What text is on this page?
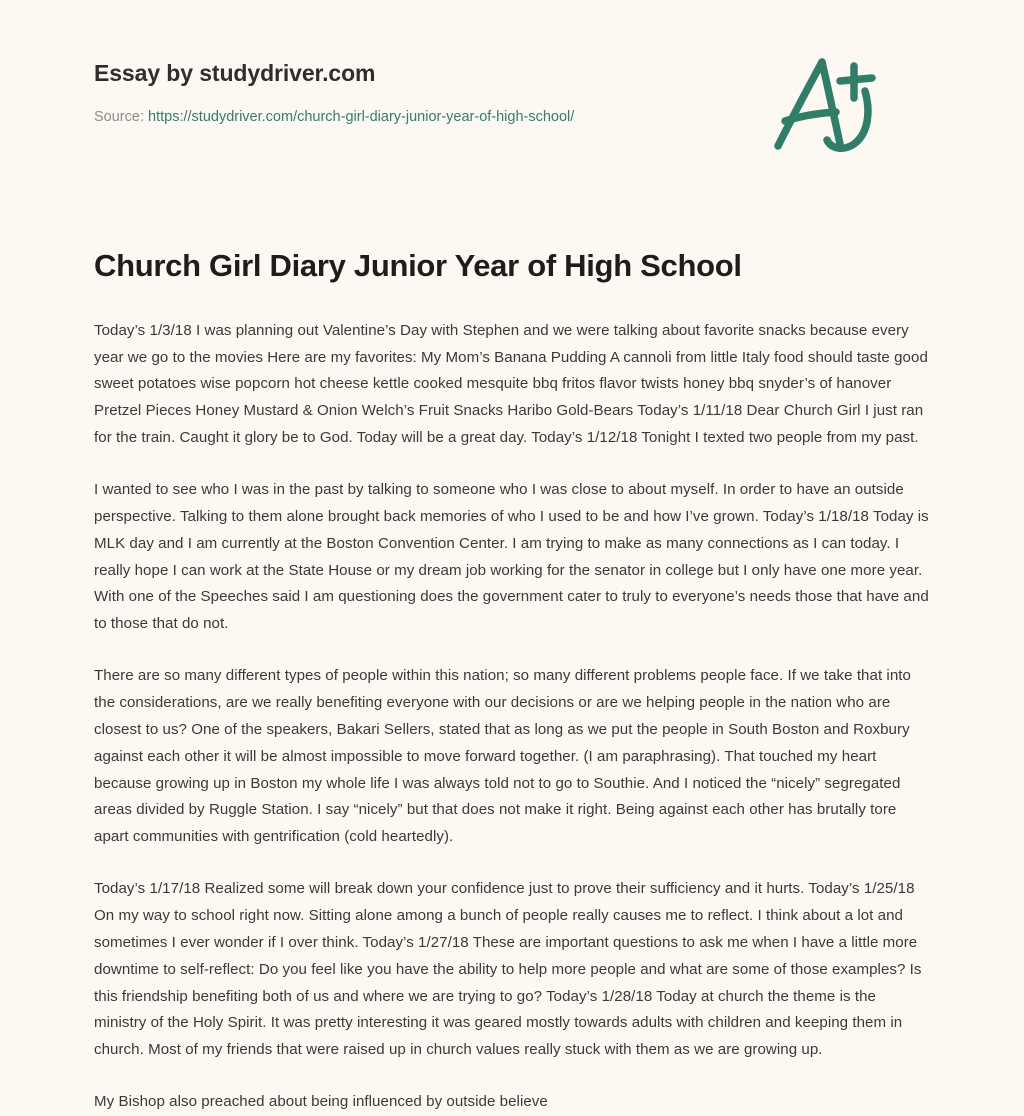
Essay by studydriver.com

Source: https://studydriver.com/church-girl-diary-junior-year-of-high-school/

Church Girl Diary Junior Year of High School

Today’s 1/3/18 I was planning out Valentine’s Day with Stephen and we were talking about favorite snacks because every year we go to the movies Here are my favorites: My Mom’s Banana Pudding A cannoli from little Italy food should taste good sweet potatoes wise popcorn hot cheese kettle cooked mesquite bbq fritos flavor twists honey bbq snyder’s of hanover Pretzel Pieces Honey Mustard & Onion Welch’s Fruit Snacks Haribo Gold-Bears Today’s 1/11/18 Dear Church Girl I just ran for the train. Caught it glory be to God. Today will be a great day. Today’s 1/12/18 Tonight I texted two people from my past.

I wanted to see who I was in the past by talking to someone who I was close to about myself. In order to have an outside perspective. Talking to them alone brought back memories of who I used to be and how I’ve grown. Today’s 1/18/18 Today is MLK day and I am currently at the Boston Convention Center. I am trying to make as many connections as I can today. I really hope I can work at the State House or my dream job working for the senator in college but I only have one more year. With one of the Speeches said I am questioning does the government cater to truly to everyone’s needs those that have and to those that do not.

There are so many different types of people within this nation; so many different problems people face. If we take that into the considerations, are we really benefiting everyone with our decisions or are we helping people in the nation who are closest to us? One of the speakers, Bakari Sellers, stated that as long as we put the people in South Boston and Roxbury against each other it will be almost impossible to move forward together. (I am paraphrasing). That touched my heart because growing up in Boston my whole life I was always told not to go to Southie. And I noticed the “nicely” segregated areas divided by Ruggle Station. I say “nicely” but that does not make it right. Being against each other has brutally tore apart communities with gentrification (cold heartedly).

Today’s 1/17/18 Realized some will break down your confidence just to prove their sufficiency and it hurts. Today’s 1/25/18 On my way to school right now. Sitting alone among a bunch of people really causes me to reflect. I think about a lot and sometimes I ever wonder if I over think. Today’s 1/27/18 These are important questions to ask me when I have a little more downtime to self-reflect: Do you feel like you have the ability to help more people and what are some of those examples? Is this friendship benefiting both of us and where we are trying to go? Today’s 1/28/18 Today at church the theme is the ministry of the Holy Spirit. It was pretty interesting it was geared mostly towards adults with children and keeping them in church. Most of my friends that were raised up in church values really stuck with them as we are growing up.

My Bishop also preached about being influenced by outside believe
